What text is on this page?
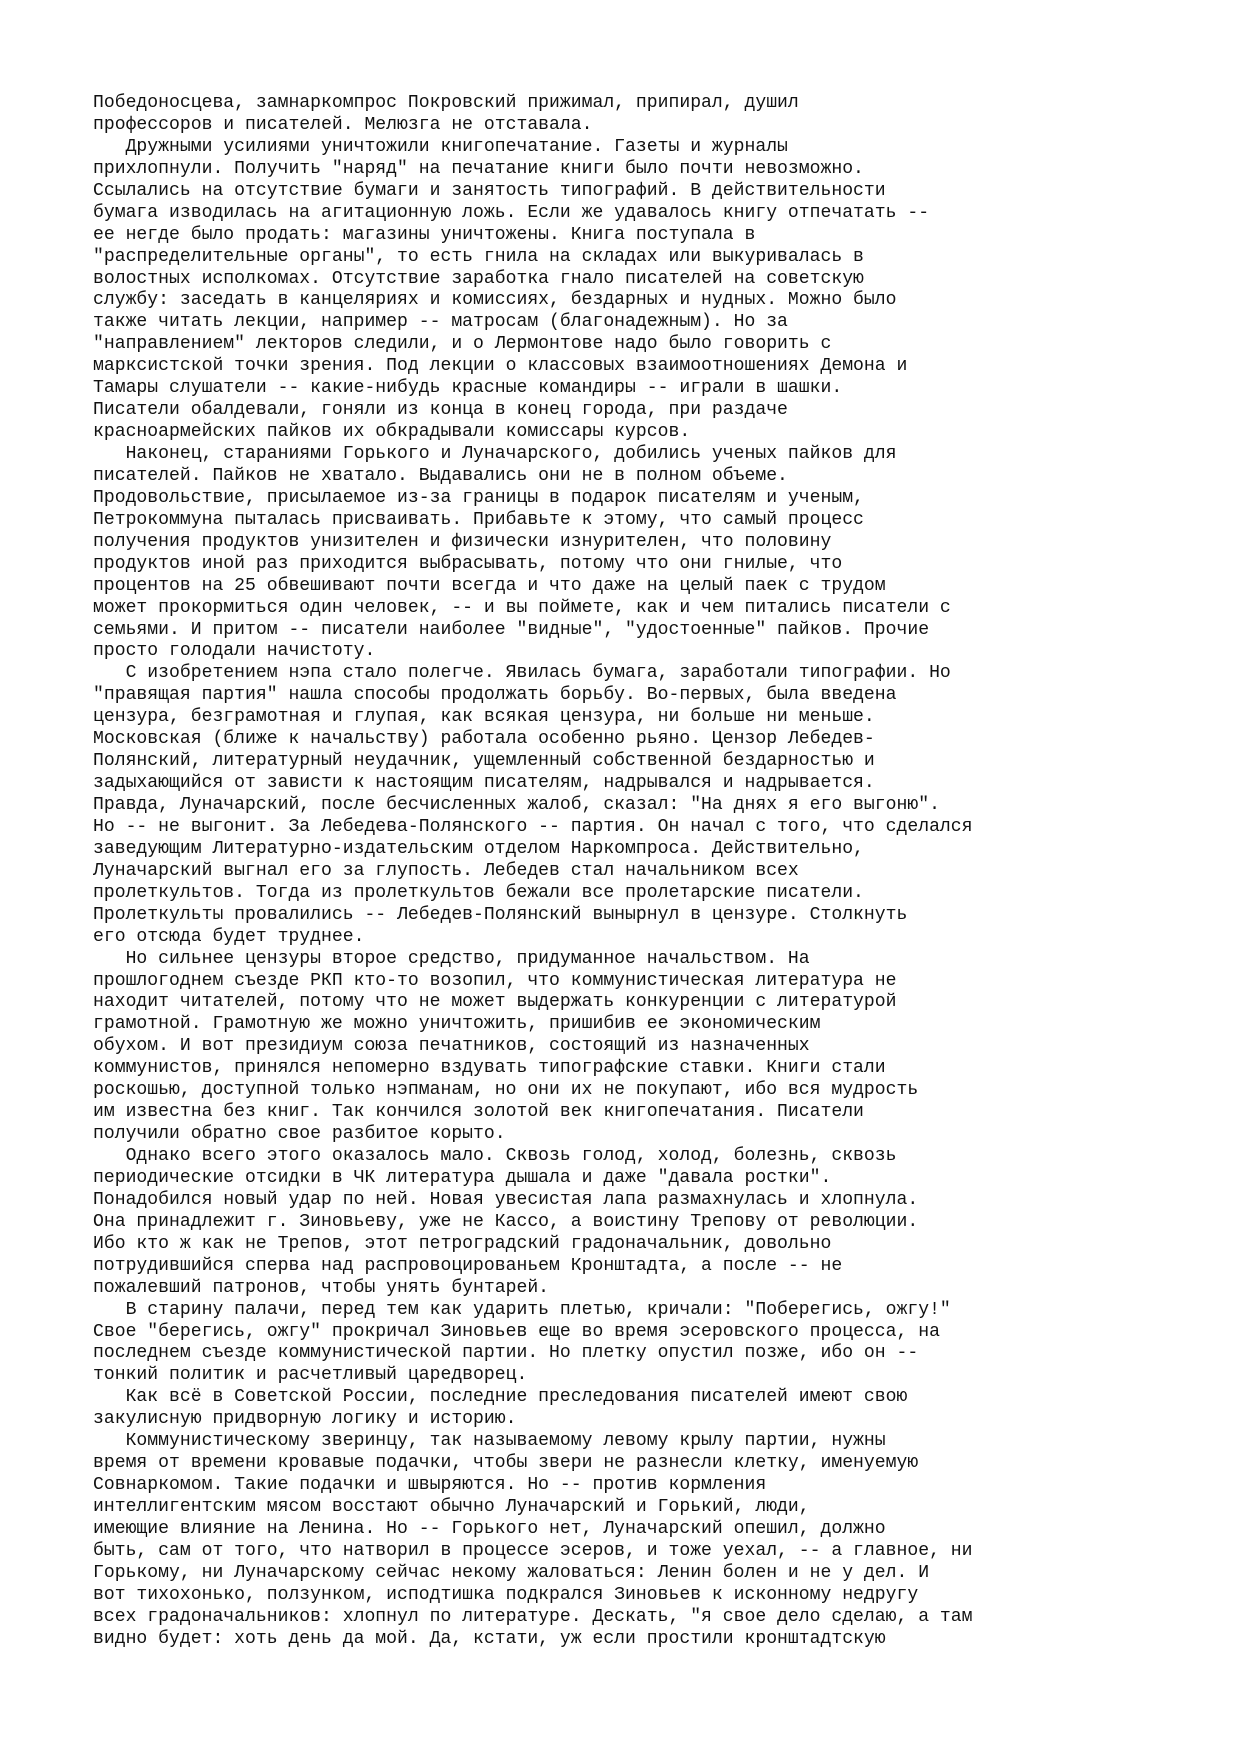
Победоносцева, замнаркомпрос Покровский прижимал, припирал, душил
профессоров и писателей. Мелюзга не отставала.
Дружными усилиями уничтожили книгопечатание. Газеты и журналы
прихлопнули. Получить "наряд" на печатание книги было почти невозможно.
Ссылались на отсутствие бумаги и занятость типографий. В действительности
бумага изводилась на агитационную ложь. Если же удавалось книгу отпечатать --
ее негде было продать: магазины уничтожены. Книга поступала в
"распределительные органы", то есть гнила на складах или выкуривалась в
волостных исполкомах. Отсутствие заработка гнало писателей на советскую
службу: заседать в канцеляриях и комиссиях, бездарных и нудных. Можно было
также читать лекции, например -- матросам (благонадежным). Но за
"направлением" лекторов следили, и о Лермонтове надо было говорить с
марксистской точки зрения. Под лекции о классовых взаимоотношениях Демона и
Тамары слушатели -- какие-нибудь красные командиры -- играли в шашки.
Писатели обалдевали, гоняли из конца в конец города, при раздаче
красноармейских пайков их обкрадывали комиссары курсов.
Наконец, стараниями Горького и Луначарского, добились ученых пайков для
писателей. Пайков не хватало. Выдавались они не в полном объеме.
Продовольствие, присылаемое из-за границы в подарок писателям и ученым,
Петрокоммуна пыталась присваивать. Прибавьте к этому, что самый процесс
получения продуктов унизителен и физически изнурителен, что половину
продуктов иной раз приходится выбрасывать, потому что они гнилые, что
процентов на 25 обвешивают почти всегда и что даже на целый паек с трудом
может прокормиться один человек, -- и вы поймете, как и чем питались писатели с
семьями. И притом -- писатели наиболее "видные", "удостоенные" пайков. Прочие
просто голодали начистоту.
С изобретением нэпа стало полегче. Явилась бумага, заработали типографии. Но
"правящая партия" нашла способы продолжать борьбу. Во-первых, была введена
цензура, безграмотная и глупая, как всякая цензура, ни больше ни меньше.
Московская (ближе к начальству) работала особенно рьяно. Цензор Лебедев-
Полянский, литературный неудачник, ущемленный собственной бездарностью и
задыхающийся от зависти к настоящим писателям, надрывался и надрывается.
Правда, Луначарский, после бесчисленных жалоб, сказал: "На днях я его выгоню".
Но -- не выгонит. За Лебедева-Полянского -- партия. Он начал с того, что сделался
заведующим Литературно-издательским отделом Наркомпроса. Действительно,
Луначарский выгнал его за глупость. Лебедев стал начальником всех
пролеткультов. Тогда из пролеткультов бежали все пролетарские писатели.
Пролеткульты провалились -- Лебедев-Полянский вынырнул в цензуре. Столкнуть
его отсюда будет труднее.
Но сильнее цензуры второе средство, придуманное начальством. На
прошлогоднем съезде РКП кто-то возопил, что коммунистическая литература не
находит читателей, потому что не может выдержать конкуренции с литературой
грамотной. Грамотную же можно уничтожить, пришибив ее экономическим
обухом. И вот президиум союза печатников, состоящий из назначенных
коммунистов, принялся непомерно вздувать типографские ставки. Книги стали
роскошью, доступной только нэпманам, но они их не покупают, ибо вся мудрость
им известна без книг. Так кончился золотой век книгопечатания. Писатели
получили обратно свое разбитое корыто.
Однако всего этого оказалось мало. Сквозь голод, холод, болезнь, сквозь
периодические отсидки в ЧК литература дышала и даже "давала ростки".
Понадобился новый удар по ней. Новая увесистая лапа размахнулась и хлопнула.
Она принадлежит г. Зиновьеву, уже не Кассо, а воистину Трепову от революции.
Ибо кто ж как не Трепов, этот петроградский градоначальник, довольно
потрудившийся сперва над распровоцированьем Кронштадта, а после -- не
пожалевший патронов, чтобы унять бунтарей.
В старину палачи, перед тем как ударить плетью, кричали: "Поберегись, ожгу!"
Свое "берегись, ожгу" прокричал Зиновьев еще во время эсеровского процесса, на
последнем съезде коммунистической партии. Но плетку опустил позже, ибо он --
тонкий политик и расчетливый царедворец.
Как всё в Советской России, последние преследования писателей имеют свою
закулисную придворную логику и историю.
Коммунистическому зверинцу, так называемому левому крылу партии, нужны
время от времени кровавые подачки, чтобы звери не разнесли клетку, именуемую
Совнаркомом. Такие подачки и швыряются. Но -- против кормления
интеллигентским мясом восстают обычно Луначарский и Горький, люди,
имеющие влияние на Ленина. Но -- Горького нет, Луначарский опешил, должно
быть, сам от того, что натворил в процессе эсеров, и тоже уехал, -- а главное, ни
Горькому, ни Луначарскому сейчас некому жаловаться: Ленин болен и не у дел. И
вот тихохонько, ползунком, исподтишка подкрался Зиновьев к исконному недругу
всех градоначальников: хлопнул по литературе. Дескать, "я свое дело сделаю, а там
видно будет: хоть день да мой. Да, кстати, уж если простили кронштадтскую
